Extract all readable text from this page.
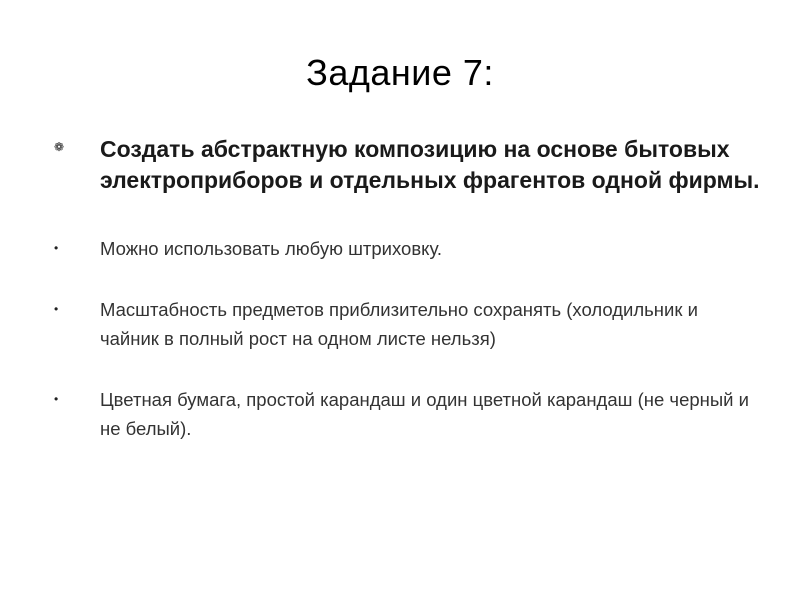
Задание 7:
❁ Создать абстрактную композицию на основе бытовых электроприборов и отдельных фрагентов одной фирмы.
• Можно использовать любую штриховку.
• Масштабность предметов приблизительно сохранять (холодильник и чайник в полный рост на одном листе нельзя)
• Цветная бумага, простой карандаш и один цветной карандаш (не черный и не белый).
